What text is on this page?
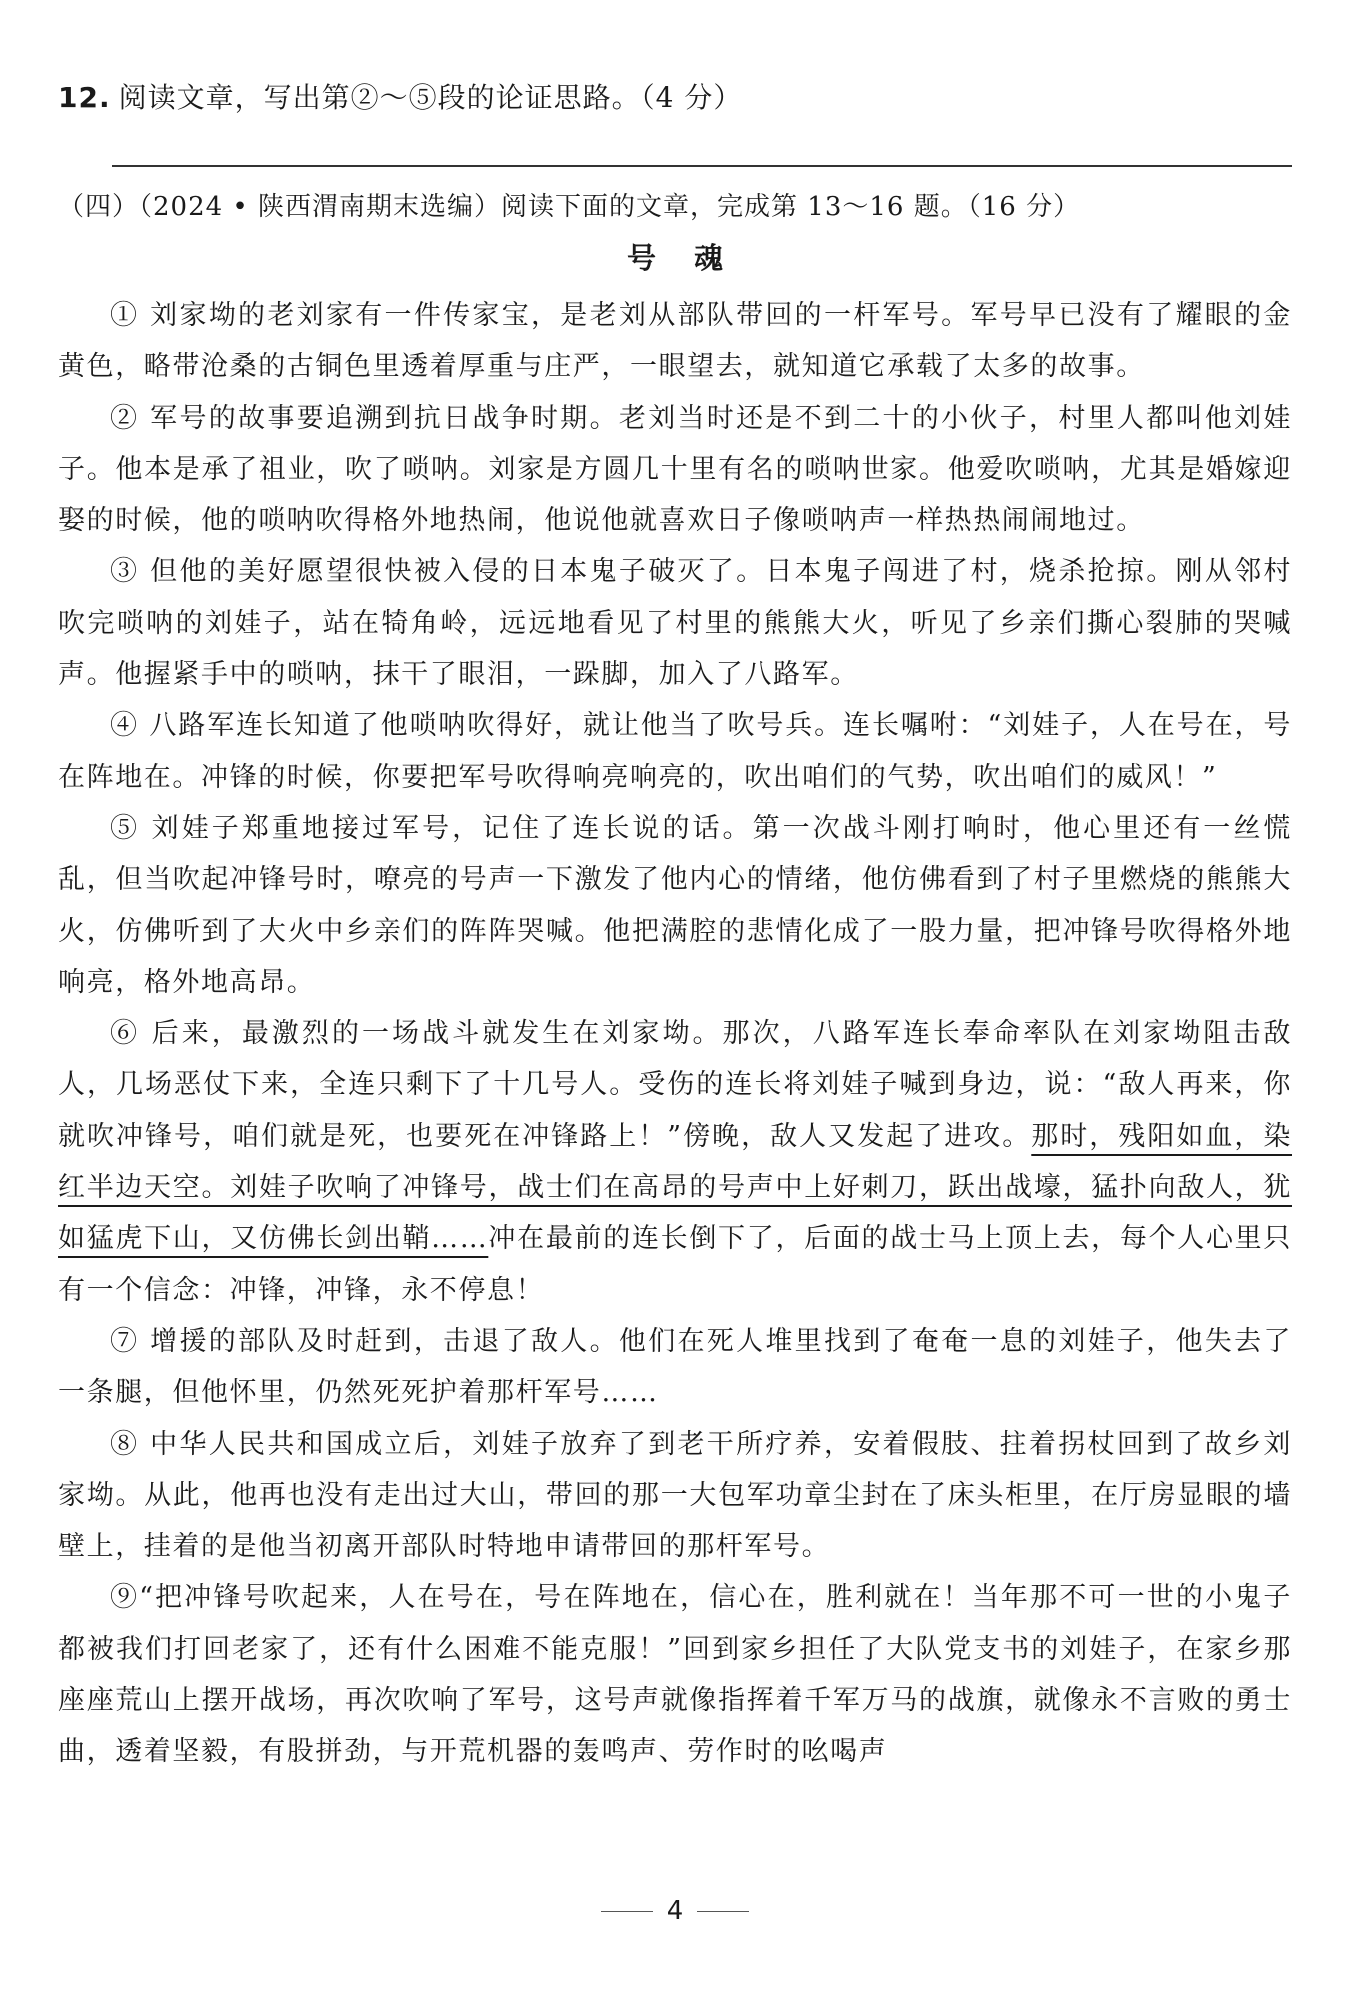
12. 阅读文章，写出第②～⑤段的论证思路。（4 分）
（四）（2024 • 陕西渭南期末选编）阅读下面的文章，完成第 13～16 题。（16 分）
号魂

① 刘家坳的老刘家有一件传家宝，是老刘从部队带回的一杆军号。军号早已没有了耀眼的金黄色，略带沧桑的古铜色里透着厚重与庄严，一眼望去，就知道它承载了太多的故事。

② 军号的故事要追溯到抗日战争时期。老刘当时还是不到二十的小伙子，村里人都叫他刘娃子。他本是承了祖业，吹了唢呐。刘家是方圆几十里有名的唢呐世家。他爱吹唢呐，尤其是婚嫁迎娶的时候，他的唢呐吹得格外地热闹，他说他就喜欢日子像唢呐声一样热热闹闹地过。

③ 但他的美好愿望很快被入侵的日本鬼子破灭了。日本鬼子闯进了村，烧杀抢掠。刚从邻村吹完唢呐的刘娃子，站在犄角岭，远远地看见了村里的熊熊大火，听见了乡亲们撕心裂肺的哭喊声。他握紧手中的唢呐，抹干了眼泪，一跺脚，加入了八路军。

④ 八路军连长知道了他唢呐吹得好，就让他当了吹号兵。连长嘱咐：“刘娃子，人在号在，号在阵地在。冲锋的时候，你要把军号吹得响亮响亮的，吹出咱们的气势，吹出咱们的威风！”

⑤ 刘娃子郑重地接过军号，记住了连长说的话。第一次战斗刚打响时，他心里还有一丝慌乱，但当吹起冲锋号时，嘹亮的号声一下激发了他内心的情绪，他仿佛看到了村子里燃烧的熊熊大火，仿佛听到了大火中乡亲们的阵阵哭喊。他把满腔的悲情化成了一股力量，把冲锋号吹得格外地响亮，格外地高昂。

⑥ 后来，最激烈的一场战斗就发生在刘家坳。那次，八路军连长奉命率队在刘家坳阻击敌人，几场恶仗下来，全连只剩下了十几号人。受伤的连长将刘娃子喊到身边，说：“敌人再来，你就吹冲锋号，咱们就是死，也要死在冲锋路上！”傍晚，敌人又发起了进攻。那时，残阳如血，染红半边天空。刘娃子吹响了冲锋号，战士们在高昂的号声中上好刺刀，跃出战壕，猛扑向敌人，犹如猛虎下山，又仿佛长剑出鞘……冲在最前的连长倒下了，后面的战士马上顶上去，每个人心里只有一个信念：冲锋，冲锋，永不停息！

⑦ 增援的部队及时赶到，击退了敌人。他们在死人堆里找到了奄奄一息的刘娃子，他失去了一条腿，但他怀里，仍然死死护着那杆军号……

⑧ 中华人民共和国成立后，刘娃子放弃了到老干所疗养，安着假肢、拄着拐杖回到了故乡刘家坳。从此，他再也没有走出过大山，带回的那一大包军功章尘封在了床头柜里，在厅房显眼的墙壁上，挂着的是他当初离开部队时特地申请带回的那杆军号。

⑨“把冲锋号吹起来，人在号在，号在阵地在，信心在，胜利就在！当年那不可一世的小鬼子都被我们打回老家了，还有什么困难不能克服！”回到家乡担任了大队党支书的刘娃子，在家乡那座座荒山上摆开战场，再次吹响了军号，这号声就像指挥着千军万马的战旗，就像永不言败的勇士曲，透着坚毅，有股拼劲，与开荒机器的轰鸣声、劳作时的吆喝声

4
